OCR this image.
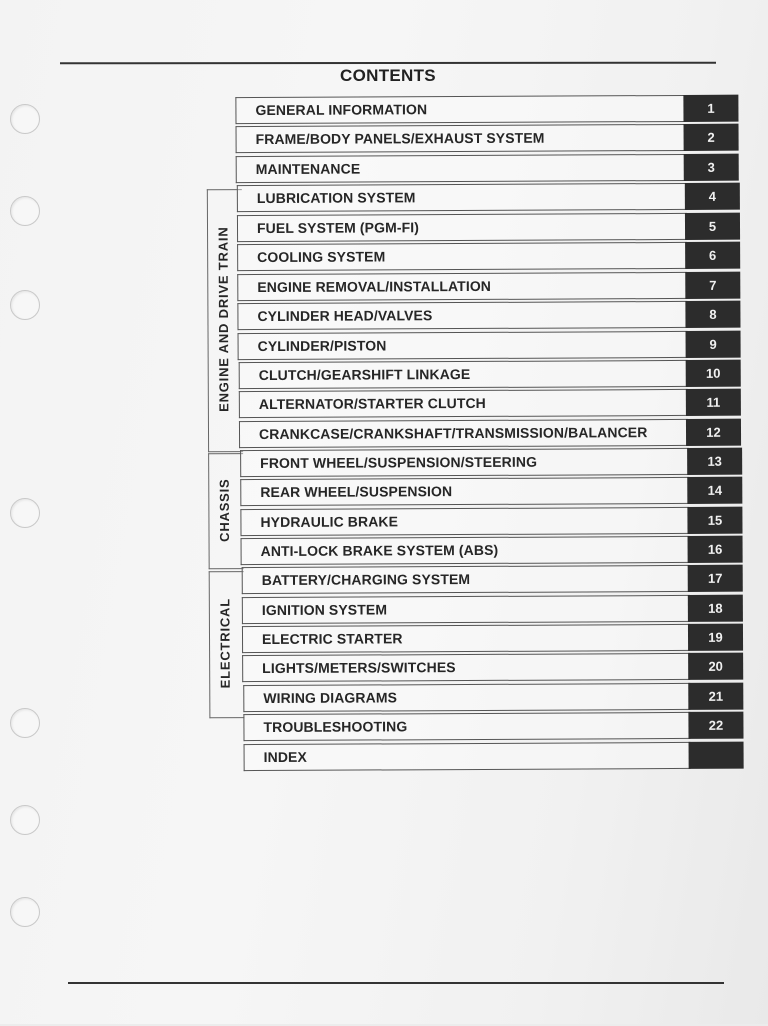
CONTENTS
ENGINE AND DRIVE TRAIN
CHASSIS
ELECTRICAL
GENERAL INFORMATION	1
FRAME/BODY PANELS/EXHAUST SYSTEM	2
MAINTENANCE	3
LUBRICATION SYSTEM	4
FUEL SYSTEM (PGM-FI)	5
COOLING SYSTEM	6
ENGINE REMOVAL/INSTALLATION	7
CYLINDER HEAD/VALVES	8
CYLINDER/PISTON	9
CLUTCH/GEARSHIFT LINKAGE	10
ALTERNATOR/STARTER CLUTCH	11
CRANKCASE/CRANKSHAFT/TRANSMISSION/BALANCER	12
FRONT WHEEL/SUSPENSION/STEERING	13
REAR WHEEL/SUSPENSION	14
HYDRAULIC BRAKE	15
ANTI-LOCK BRAKE SYSTEM (ABS)	16
BATTERY/CHARGING SYSTEM	17
IGNITION SYSTEM	18
ELECTRIC STARTER	19
LIGHTS/METERS/SWITCHES	20
WIRING DIAGRAMS	21
TROUBLESHOOTING	22
INDEX
